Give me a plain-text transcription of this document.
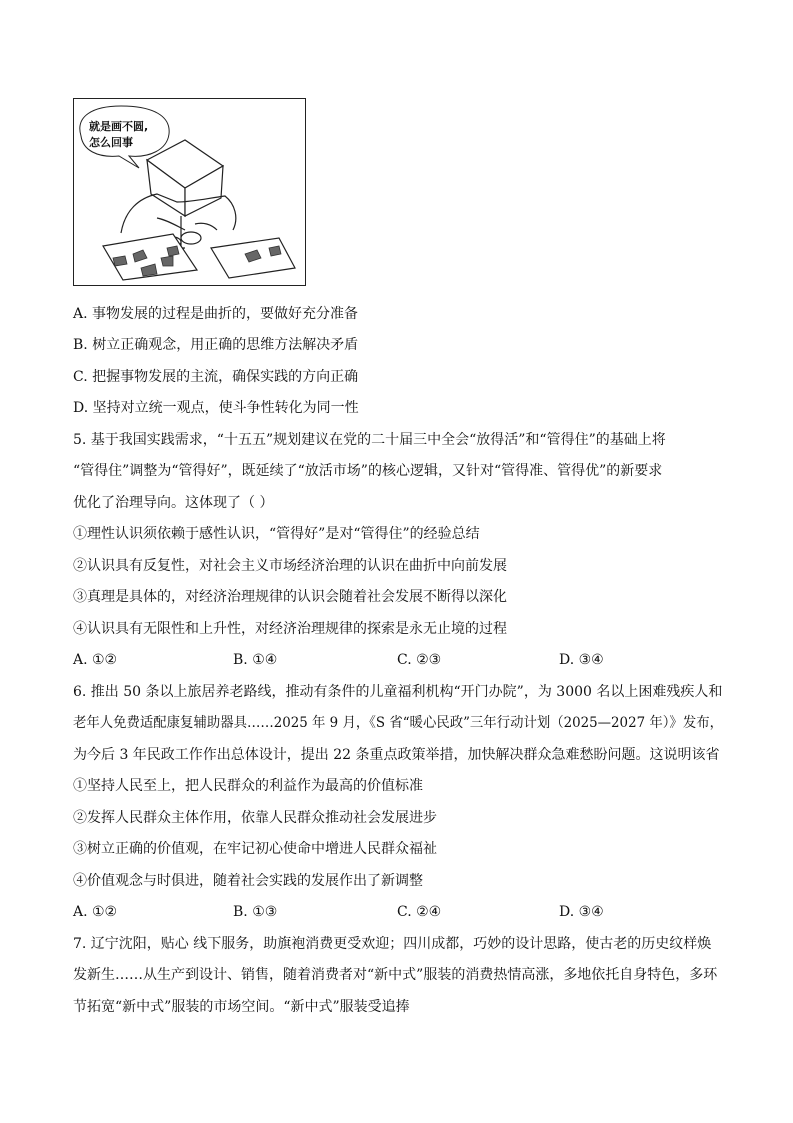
就是画不圆,
怎么回事
A. 事物发展的过程是曲折的，要做好充分准备
B. 树立正确观念，用正确的思维方法解决矛盾
C. 把握事物发展的主流，确保实践的方向正确
D. 坚持对立统一观点，使斗争性转化为同一性
5. 基于我国实践需求，“十五五”规划建议在党的二十届三中全会“放得活”和“管得住”的基础上将
“管得住”调整为“管得好”，既延续了“放活市场”的核心逻辑，又针对“管得准、管得优”的新要求
优化了治理导向。这体现了（ ）
①理性认识须依赖于感性认识，“管得好”是对“管得住”的经验总结
②认识具有反复性，对社会主义市场经济治理的认识在曲折中向前发展
③真理是具体的，对经济治理规律的认识会随着社会发展不断得以深化
④认识具有无限性和上升性，对经济治理规律的探索是永无止境的过程
A. ①②	B. ①④	C. ②③	D. ③④
6. 推出 50 条以上旅居养老路线，推动有条件的儿童福利机构“开门办院”，为 3000 名以上困难残疾人和
老年人免费适配康复辅助器具……2025 年 9 月，《S 省“暖心民政”三年行动计划（2025—2027 年）》发布，
为今后 3 年民政工作作出总体设计，提出 22 条重点政策举措，加快解决群众急难愁盼问题。这说明该省
①坚持人民至上，把人民群众的利益作为最高的价值标准
②发挥人民群众主体作用，依靠人民群众推动社会发展进步
③树立正确的价值观，在牢记初心使命中增进人民群众福祉
④价值观念与时俱进，随着社会实践的发展作出了新调整
A. ①②	B. ①③	C. ②④	D. ③④
7. 辽宁沈阳，贴心 线下服务，助旗袍消费更受欢迎；四川成都，巧妙的设计思路，使古老的历史纹样焕
发新生……从生产到设计、销售，随着消费者对“新中式”服装的消费热情高涨，多地依托自身特色，多环
节拓宽“新中式”服装的市场空间。“新中式”服装受追捧
